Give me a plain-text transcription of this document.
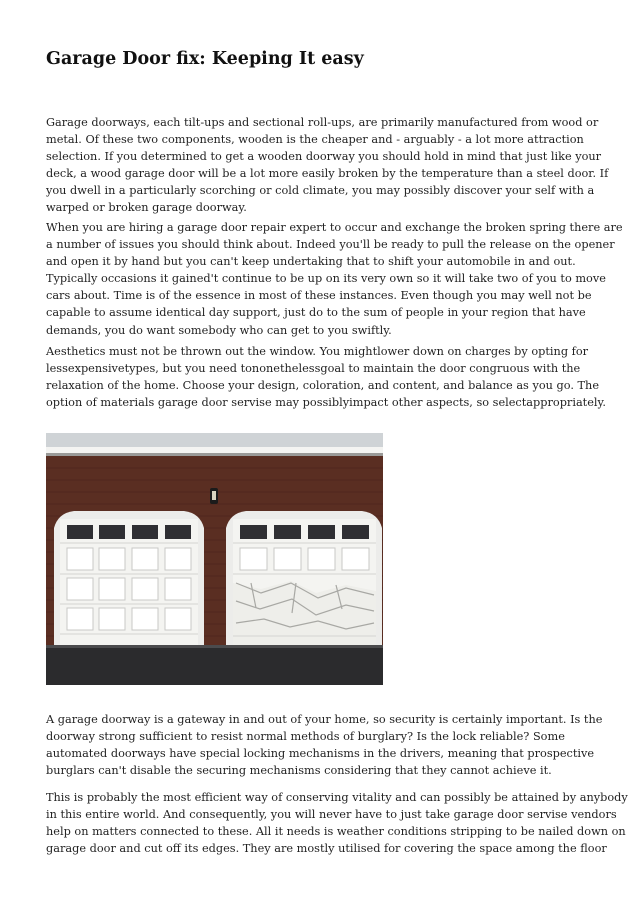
Garage Door fix: Keeping It easy
Garage doorways, each tilt-ups and sectional roll-ups, are primarily manufactured from wood or
metal. Of these two components, wooden is the cheaper and - arguably - a lot more attraction
selection. If you determined to get a wooden doorway you should hold in mind that just like your
deck, a wood garage door will be a lot more easily broken by the temperature than a steel door. If
you dwell in a particularly scorching or cold climate, you may possibly discover your self with a
warped or broken garage doorway.
When you are hiring a garage door repair expert to occur and exchange the broken spring there are
a number of issues you should think about. Indeed you'll be ready to pull the release on the opener
and open it by hand but you can't keep undertaking that to shift your automobile in and out.
Typically occasions it gained't continue to be up on its very own so it will take two of you to move
cars about. Time is of the essence in most of these instances. Even though you may well not be
capable to assume identical day support, just do to the sum of people in your region that have
demands, you do want somebody who can get to you swiftly.
Aesthetics must not be thrown out the window. You mightlower down on charges by opting for
lessexpensivetypes, but you need tononethelessgoal to maintain the door congruous with the
relaxation of the home. Choose your design, coloration, and content, and balance as you go. The
option of materials garage door servise may possiblyimpact other aspects, so selectappropriately.
A garage doorway is a gateway in and out of your home, so security is certainly important. Is the
doorway strong sufficient to resist normal methods of burglary? Is the lock reliable? Some
automated doorways have special locking mechanisms in the drivers, meaning that prospective
burglars can't disable the securing mechanisms considering that they cannot achieve it.
This is probably the most efficient way of conserving vitality and can possibly be attained by anybody
in this entire world. And consequently, you will never have to just take garage door servise vendors
help on matters connected to these. All it needs is weather conditions stripping to be nailed down on
garage door and cut off its edges. They are mostly utilised for covering the space among the floor
